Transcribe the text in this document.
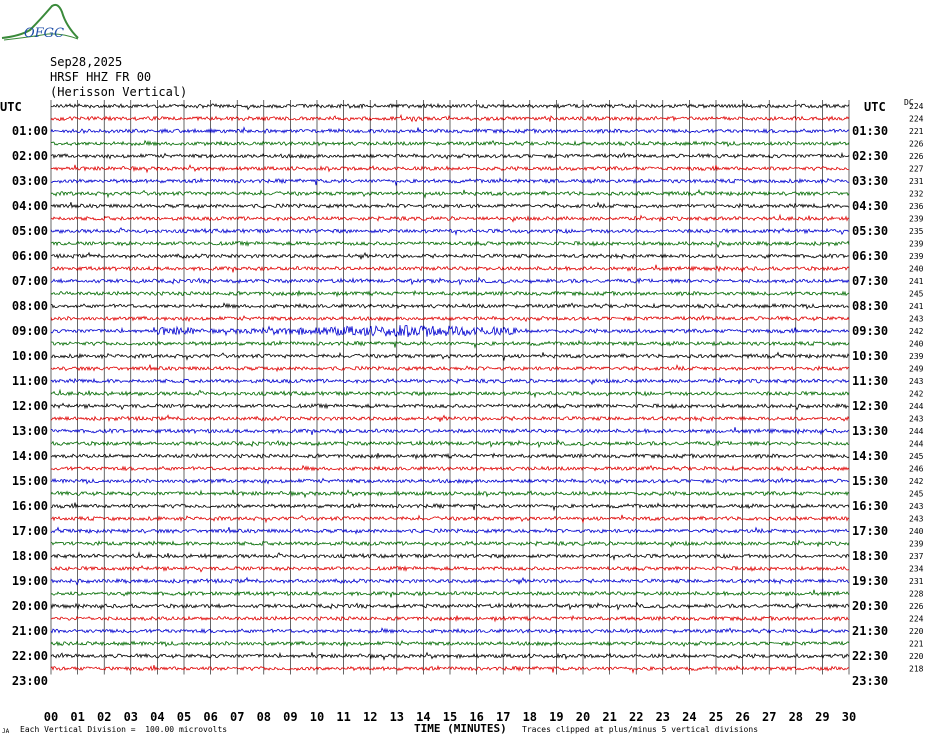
224
224
221
226
226
227
231
232
236
239
235
239
239
240
241
245
241
243
242
240
239
249
243
242
244
243
244
244
245
246
242
245
243
243
240
239
237
234
231
228
226
224
220
221
220
218
01:00
02:00
03:00
04:00
05:00
06:00
07:00
08:00
09:00
10:00
11:00
12:00
13:00
14:00
15:00
16:00
17:00
18:00
19:00
20:00
21:00
22:00
23:00
01:30
02:30
03:30
04:30
05:30
06:30
07:30
08:30
09:30
10:30
11:30
12:30
13:30
14:30
15:30
16:30
17:30
18:30
19:30
20:30
21:30
22:30
23:30
00 01 02 03 04 05 06 07 08 09 10 11 12 13 14 15 16 17 18 19 20 21 22 23 24 25 26 27 28 29 30
OFGC
Sep28,2025
HRSF HHZ FR 00
(Herisson Vertical)
UTC	UTC DC
JA Each Vertical Division =  100.00 microvolts	TIME (MINUTES) Traces clipped at plus/minus 5 vertical divisions
